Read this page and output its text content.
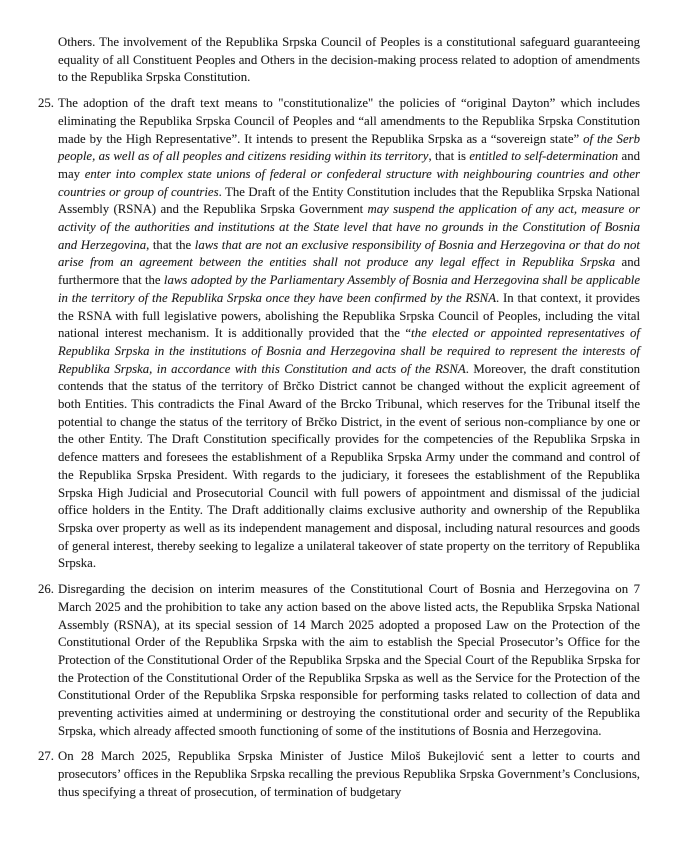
Others. The involvement of the Republika Srpska Council of Peoples is a constitutional safeguard guaranteeing equality of all Constituent Peoples and Others in the decision-making process related to adoption of amendments to the Republika Srpska Constitution.
25. The adoption of the draft text means to "constitutionalize" the policies of “original Dayton” which includes eliminating the Republika Srpska Council of Peoples and “all amendments to the Republika Srpska Constitution made by the High Representative”. It intends to present the Republika Srpska as a “sovereign state” of the Serb people, as well as of all peoples and citizens residing within its territory, that is entitled to self-determination and may enter into complex state unions of federal or confederal structure with neighbouring countries and other countries or group of countries. The Draft of the Entity Constitution includes that the Republika Srpska National Assembly (RSNA) and the Republika Srpska Government may suspend the application of any act, measure or activity of the authorities and institutions at the State level that have no grounds in the Constitution of Bosnia and Herzegovina, that the laws that are not an exclusive responsibility of Bosnia and Herzegovina or that do not arise from an agreement between the entities shall not produce any legal effect in Republika Srpska and furthermore that the laws adopted by the Parliamentary Assembly of Bosnia and Herzegovina shall be applicable in the territory of the Republika Srpska once they have been confirmed by the RSNA. In that context, it provides the RSNA with full legislative powers, abolishing the Republika Srpska Council of Peoples, including the vital national interest mechanism. It is additionally provided that the “the elected or appointed representatives of Republika Srpska in the institutions of Bosnia and Herzegovina shall be required to represent the interests of Republika Srpska, in accordance with this Constitution and acts of the RSNA. Moreover, the draft constitution contends that the status of the territory of Brčko District cannot be changed without the explicit agreement of both Entities. This contradicts the Final Award of the Brcko Tribunal, which reserves for the Tribunal itself the potential to change the status of the territory of Brčko District, in the event of serious non-compliance by one or the other Entity. The Draft Constitution specifically provides for the competencies of the Republika Srpska in defence matters and foresees the establishment of a Republika Srpska Army under the command and control of the Republika Srpska President. With regards to the judiciary, it foresees the establishment of the Republika Srpska High Judicial and Prosecutorial Council with full powers of appointment and dismissal of the judicial office holders in the Entity. The Draft additionally claims exclusive authority and ownership of the Republika Srpska over property as well as its independent management and disposal, including natural resources and goods of general interest, thereby seeking to legalize a unilateral takeover of state property on the territory of Republika Srpska.
26. Disregarding the decision on interim measures of the Constitutional Court of Bosnia and Herzegovina on 7 March 2025 and the prohibition to take any action based on the above listed acts, the Republika Srpska National Assembly (RSNA), at its special session of 14 March 2025 adopted a proposed Law on the Protection of the Constitutional Order of the Republika Srpska with the aim to establish the Special Prosecutor’s Office for the Protection of the Constitutional Order of the Republika Srpska and the Special Court of the Republika Srpska for the Protection of the Constitutional Order of the Republika Srpska as well as the Service for the Protection of the Constitutional Order of the Republika Srpska responsible for performing tasks related to collection of data and preventing activities aimed at undermining or destroying the constitutional order and security of the Republika Srpska, which already affected smooth functioning of some of the institutions of Bosnia and Herzegovina.
27. On 28 March 2025, Republika Srpska Minister of Justice Miloš Bukejlović sent a letter to courts and prosecutors’ offices in the Republika Srpska recalling the previous Republika Srpska Government’s Conclusions, thus specifying a threat of prosecution, of termination of budgetary
